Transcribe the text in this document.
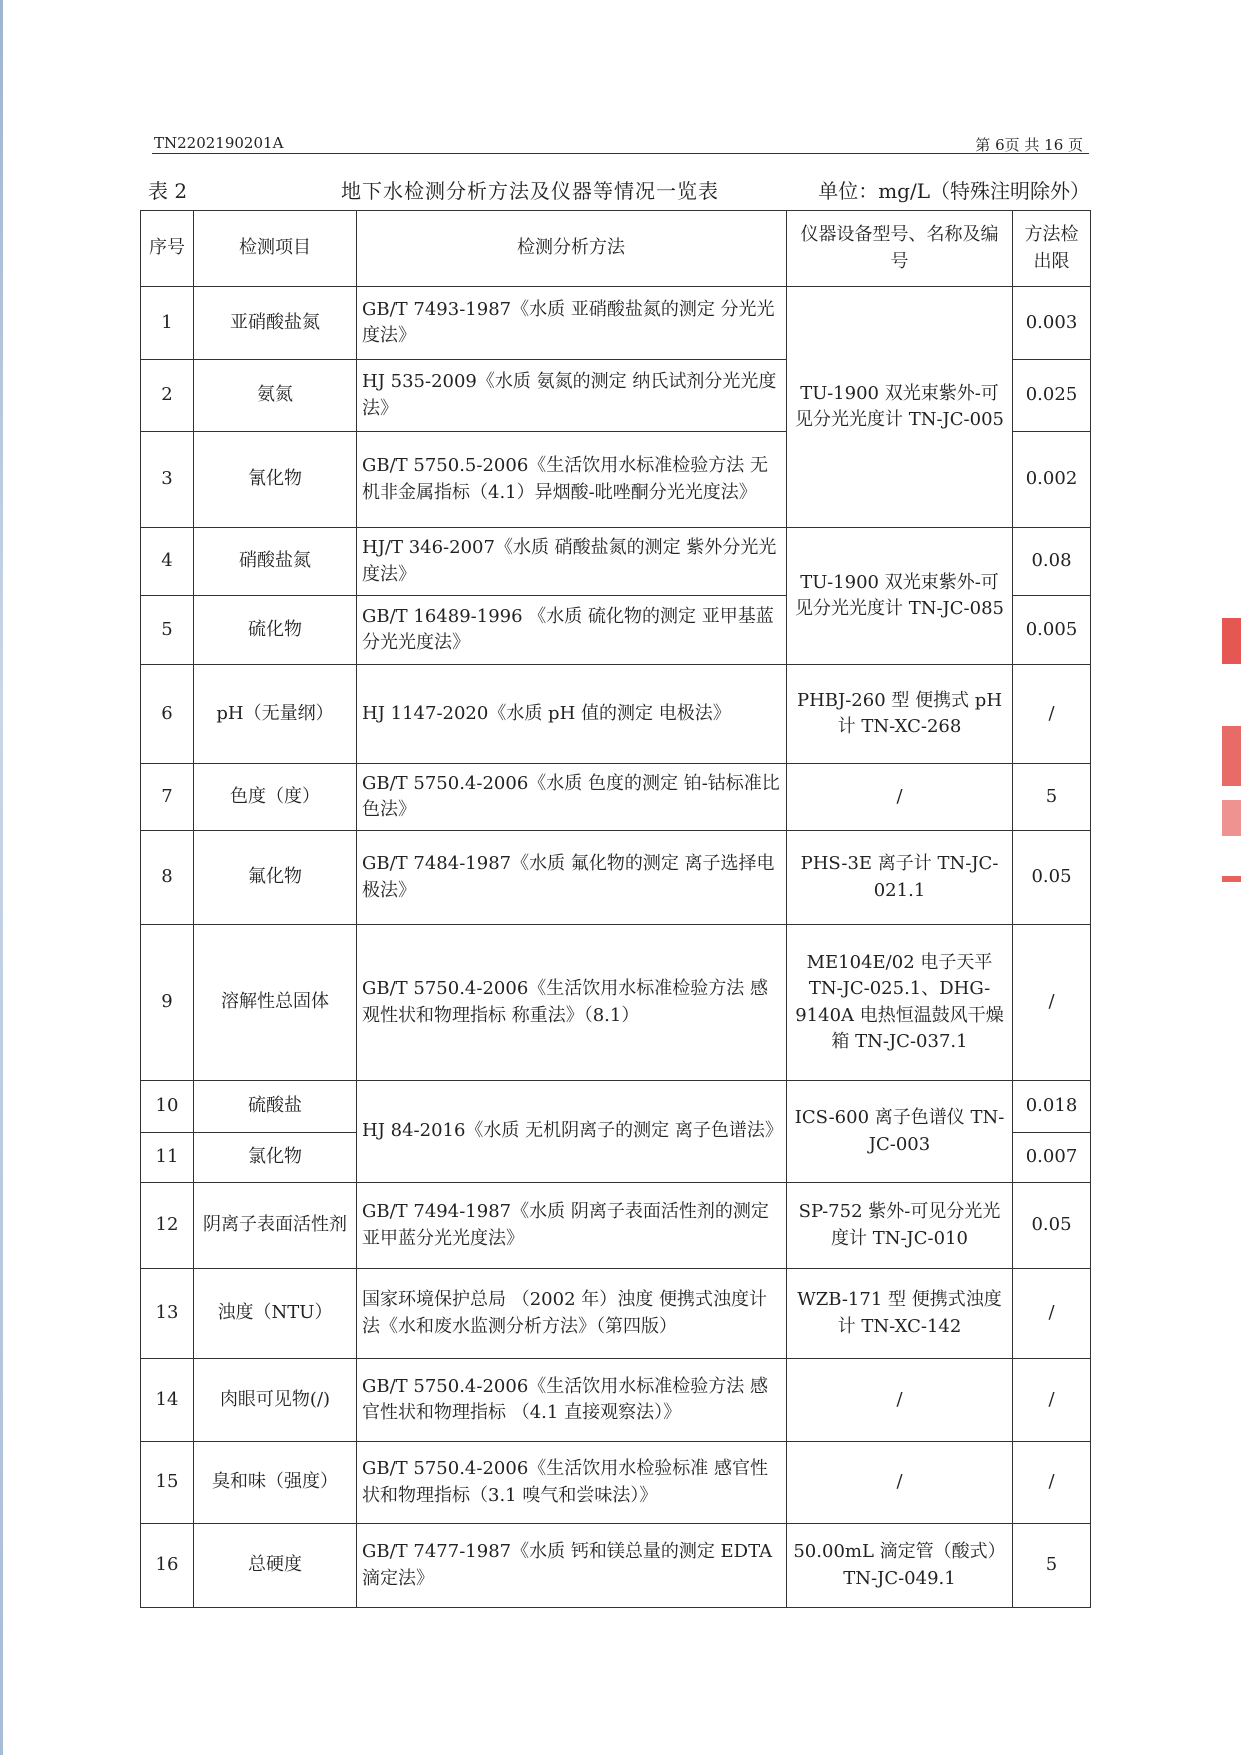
TN2202190201A	第 6页 共 16 页
表 2	地下水检测分析方法及仪器等情况一览表	单位：mg/L（特殊注明除外）
序号	检测项目	检测分析方法	仪器设备型号、名称及编号	方法检出限
1	亚硝酸盐氮	GB/T 7493-1987《水质 亚硝酸盐氮的测定 分光光度法》	TU-1900 双光束紫外-可见分光光度计 TN-JC-005	0.003
2	氨氮	HJ 535-2009《水质 氨氮的测定 纳氏试剂分光光度法》		0.025
3	氰化物	GB/T 5750.5-2006《生活饮用水标准检验方法 无机非金属指标（4.1）异烟酸-吡唑酮分光光度法》		0.002
4	硝酸盐氮	HJ/T 346-2007《水质 硝酸盐氮的测定 紫外分光光度法》	TU-1900 双光束紫外-可见分光光度计 TN-JC-085	0.08
5	硫化物	GB/T 16489-1996 《水质 硫化物的测定 亚甲基蓝分光光度法》		0.005
6	pH（无量纲）	HJ 1147-2020《水质 pH 值的测定 电极法》	PHBJ-260 型 便携式 pH 计 TN-XC-268	/
7	色度（度）	GB/T 5750.4-2006《水质 色度的测定 铂-钴标准比色法》	/	5
8	氟化物	GB/T 7484-1987《水质 氟化物的测定 离子选择电极法》	PHS-3E 离子计 TN-JC-021.1	0.05
9	溶解性总固体	GB/T 5750.4-2006《生活饮用水标准检验方法 感观性状和物理指标 称重法》（8.1）	ME104E/02 电子天平 TN-JC-025.1、DHG-9140A 电热恒温鼓风干燥箱 TN-JC-037.1	/
10	硫酸盐	HJ 84-2016《水质 无机阴离子的测定 离子色谱法》	ICS-600 离子色谱仪 TN-JC-003	0.018
11	氯化物			0.007
12	阴离子表面活性剂	GB/T 7494-1987《水质 阴离子表面活性剂的测定 亚甲蓝分光光度法》	SP-752 紫外-可见分光光度计 TN-JC-010	0.05
13	浊度（NTU）	国家环境保护总局 （2002 年）浊度 便携式浊度计法《水和废水监测分析方法》（第四版）	WZB-171 型 便携式浊度计 TN-XC-142	/
14	肉眼可见物(/)	GB/T 5750.4-2006《生活饮用水标准检验方法 感官性状和物理指标 （4.1 直接观察法）》	/	/
15	臭和味（强度）	GB/T 5750.4-2006《生活饮用水检验标准 感官性状和物理指标（3.1 嗅气和尝味法）》	/	/
16	总硬度	GB/T 7477-1987《水质 钙和镁总量的测定 EDTA 滴定法》	50.00mL 滴定管（酸式）TN-JC-049.1	5
